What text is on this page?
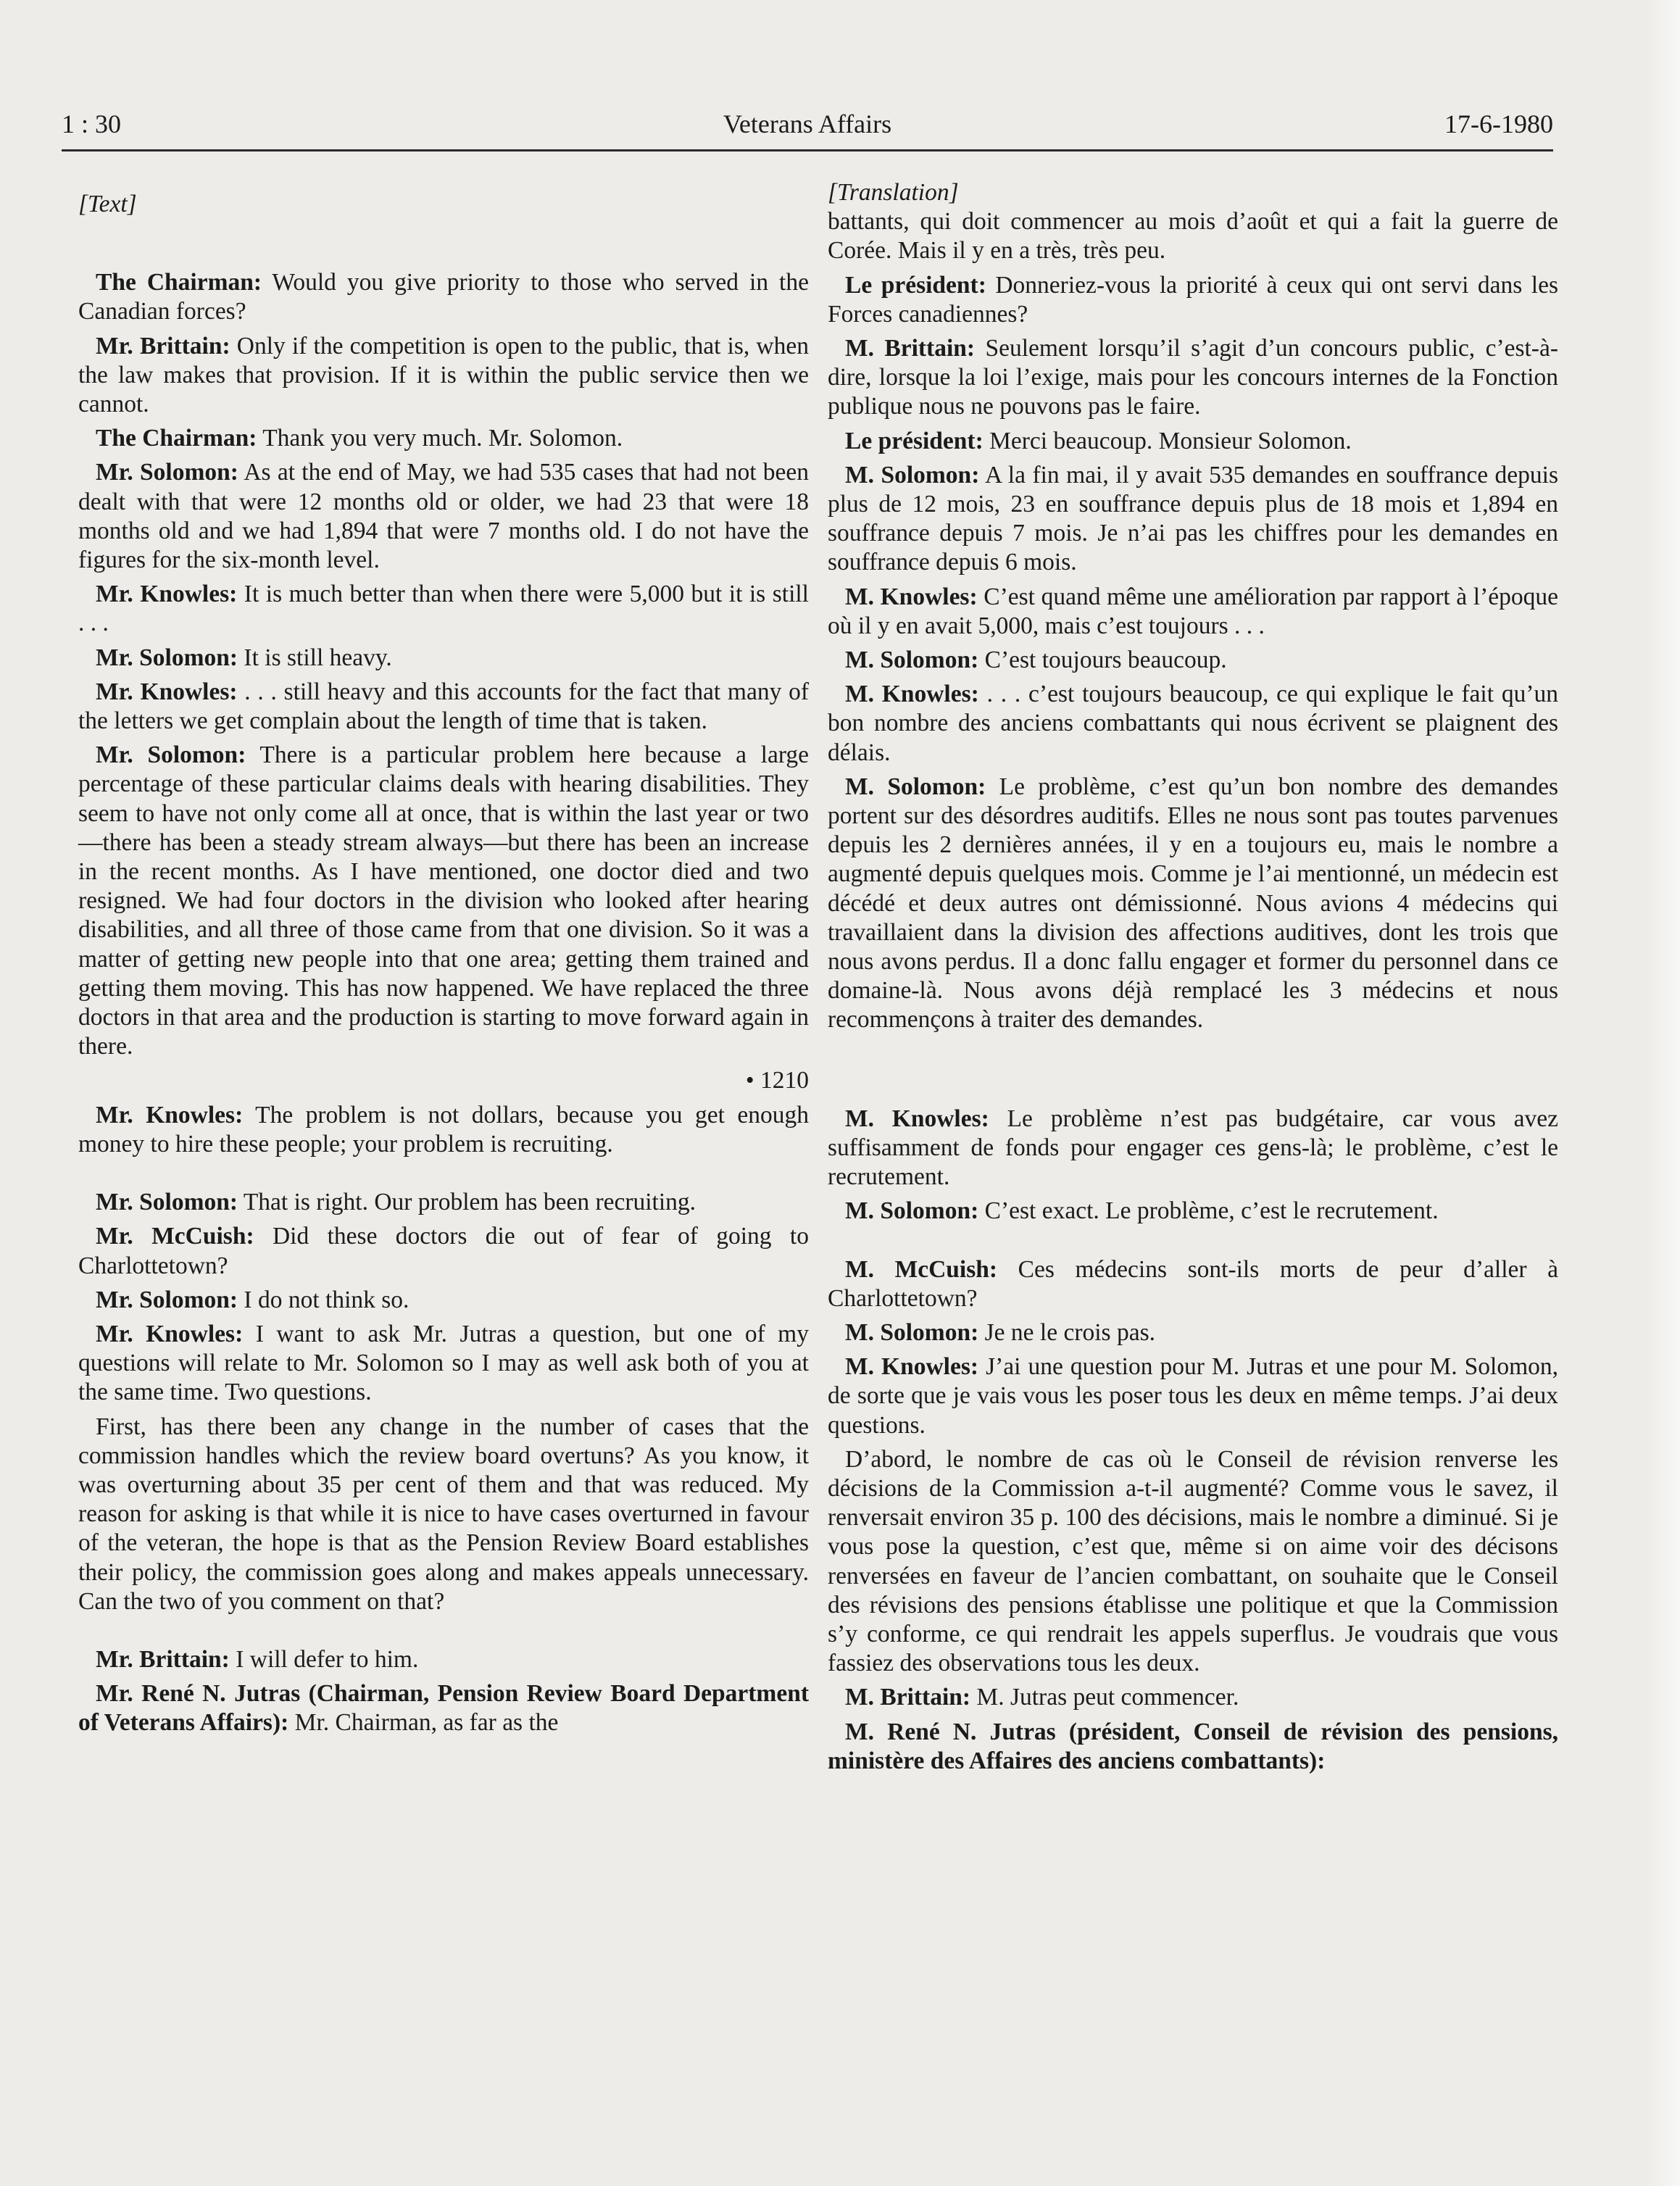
1 : 30	Veterans Affairs	17-6-1980

[Text]

The Chairman: Would you give priority to those who served in the Canadian forces?

Mr. Brittain: Only if the competition is open to the public, that is, when the law makes that provision. If it is within the public service then we cannot.

The Chairman: Thank you very much. Mr. Solomon.

Mr. Solomon: As at the end of May, we had 535 cases that had not been dealt with that were 12 months old or older, we had 23 that were 18 months old and we had 1,894 that were 7 months old. I do not have the figures for the six-month level.

Mr. Knowles: It is much better than when there were 5,000 but it is still . . .

Mr. Solomon: It is still heavy.

Mr. Knowles: . . . still heavy and this accounts for the fact that many of the letters we get complain about the length of time that is taken.

Mr. Solomon: There is a particular problem here because a large percentage of these particular claims deals with hearing disabilities. They seem to have not only come all at once, that is within the last year or two—there has been a steady stream always—but there has been an increase in the recent months. As I have mentioned, one doctor died and two resigned. We had four doctors in the division who looked after hearing disabilities, and all three of those came from that one division. So it was a matter of getting new people into that one area; getting them trained and getting them moving. This has now happened. We have replaced the three doctors in that area and the production is starting to move forward again in there.

• 1210

Mr. Knowles: The problem is not dollars, because you get enough money to hire these people; your problem is recruiting.

Mr. Solomon: That is right. Our problem has been recruiting.

Mr. McCuish: Did these doctors die out of fear of going to Charlottetown?

Mr. Solomon: I do not think so.

Mr. Knowles: I want to ask Mr. Jutras a question, but one of my questions will relate to Mr. Solomon so I may as well ask both of you at the same time. Two questions.

First, has there been any change in the number of cases that the commission handles which the review board overtuns? As you know, it was overturning about 35 per cent of them and that was reduced. My reason for asking is that while it is nice to have cases overturned in favour of the veteran, the hope is that as the Pension Review Board establishes their policy, the commission goes along and makes appeals unnecessary. Can the two of you comment on that?

Mr. Brittain: I will defer to him.

Mr. René N. Jutras (Chairman, Pension Review Board Department of Veterans Affairs): Mr. Chairman, as far as the

[Translation]

battants, qui doit commencer au mois d’août et qui a fait la guerre de Corée. Mais il y en a très, très peu.

Le président: Donneriez-vous la priorité à ceux qui ont servi dans les Forces canadiennes?

M. Brittain: Seulement lorsqu’il s’agit d’un concours public, c’est-à-dire, lorsque la loi l’exige, mais pour les concours internes de la Fonction publique nous ne pouvons pas le faire.

Le président: Merci beaucoup. Monsieur Solomon.

M. Solomon: A la fin mai, il y avait 535 demandes en souffrance depuis plus de 12 mois, 23 en souffrance depuis plus de 18 mois et 1,894 en souffrance depuis 7 mois. Je n’ai pas les chiffres pour les demandes en souffrance depuis 6 mois.

M. Knowles: C’est quand même une amélioration par rapport à l’époque où il y en avait 5,000, mais c’est toujours . . .

M. Solomon: C’est toujours beaucoup.

M. Knowles: . . . c’est toujours beaucoup, ce qui explique le fait qu’un bon nombre des anciens combattants qui nous écrivent se plaignent des délais.

M. Solomon: Le problème, c’est qu’un bon nombre des demandes portent sur des désordres auditifs. Elles ne nous sont pas toutes parvenues depuis les 2 dernières années, il y en a toujours eu, mais le nombre a augmenté depuis quelques mois. Comme je l’ai mentionné, un médecin est décédé et deux autres ont démissionné. Nous avions 4 médecins qui travaillaient dans la division des affections auditives, dont les trois que nous avons perdus. Il a donc fallu engager et former du personnel dans ce domaine-là. Nous avons déjà remplacé les 3 médecins et nous recommençons à traiter des demandes.

M. Knowles: Le problème n’est pas budgétaire, car vous avez suffisamment de fonds pour engager ces gens-là; le problème, c’est le recrutement.

M. Solomon: C’est exact. Le problème, c’est le recrutement.

M. McCuish: Ces médecins sont-ils morts de peur d’aller à Charlottetown?

M. Solomon: Je ne le crois pas.

M. Knowles: J’ai une question pour M. Jutras et une pour M. Solomon, de sorte que je vais vous les poser tous les deux en même temps. J’ai deux questions.

D’abord, le nombre de cas où le Conseil de révision renverse les décisions de la Commission a-t-il augmenté? Comme vous le savez, il renversait environ 35 p. 100 des décisions, mais le nombre a diminué. Si je vous pose la question, c’est que, même si on aime voir des décisons renversées en faveur de l’ancien combattant, on souhaite que le Conseil des révisions des pensions établisse une politique et que la Commission s’y conforme, ce qui rendrait les appels superflus. Je voudrais que vous fassiez des observations tous les deux.

M. Brittain: M. Jutras peut commencer.

M. René N. Jutras (président, Conseil de révision des pensions, ministère des Affaires des anciens combattants):
